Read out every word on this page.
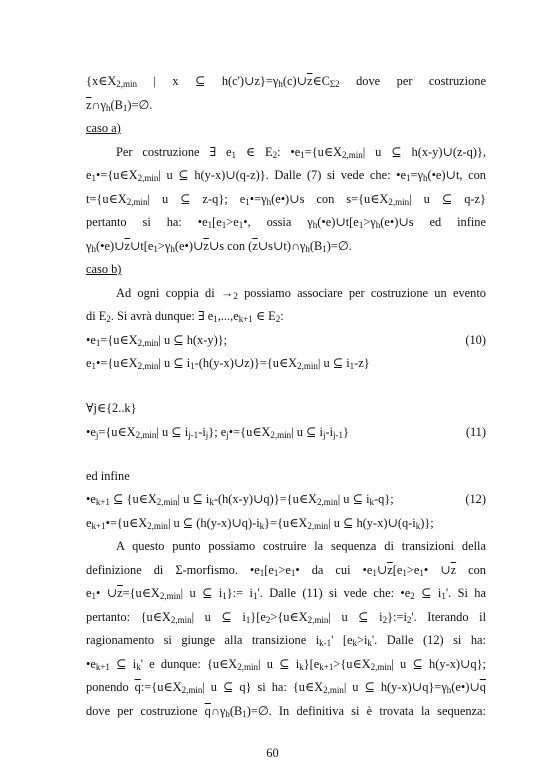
{x∈X2,min | x ⊆ $h(c')\cup z\}=\gamma h(c)\cup\overline{z}\in C\Sigma 2$ dove per costruzione
$\overline{z}\cap\gamma h(B1)=\emptyset$.
caso a)
Per costruzione ∃ e1 ∈ E2: •e1={u∈X2,min| u ⊆ h(x-y)∪(z-q)},
e1•={u∈X2,min| u ⊆ h(y-x)∪(q-z)}. Dalle (7) si vede che: •e1=γh(•e)∪t, con
t={u∈X2,min| u ⊆ z-q}; e1•=γh(e•)∪s con s={u∈X2,min| u ⊆ q-z}
pertanto si ha: •e1[e1>e1•, ossia γh(•e)∪t[e1>γh(e•)∪s ed infine
$\gamma h(•e)\cup\overline{z}\cup t[e1>\gamma h(e•)\cup\overline{z}\cup s$ con $(\overline{z}\cup s\cup t)\cap\gamma h(B1)=\emptyset$.
caso b)
Ad ogni coppia di →2 possiamo associare per costruzione un evento
di E2. Si avrà dunque: ∃ e1,...,ek+1 ∈ E2:
•e1={u∈X2,min| u ⊆ h(x-y)};	(10)
e1•={u∈X2,min| u ⊆ i1-(h(y-x)∪z)}={u∈X2,min| u ⊆ i1-z}
∀j∈{2..k}
•ej={u∈X2,min| u ⊆ ij-1-ij}; ej•={u∈X2,min| u ⊆ ij-ij-1}	(11)
ed infine
•ek+1 ⊆ {u∈X2,min| u ⊆ ik-(h(x-y)∪q)}={u∈X2,min| u ⊆ ik-q};	(12)
ek+1•={u∈X2,min| u ⊆ (h(y-x)∪q)-ik}={u∈X2,min| u ⊆ h(y-x)∪(q-ik)};
A questo punto possiamo costruire la sequenza di transizioni della
definizione di Σ-morfismo. •e1[e1>e1• da cui $•e1\cup\overline{z}[e1>e1•$ $\cup\overline{z}$ con
e1• $\cup\overline{z}=\{u\in X2,\min|$ u ⊆ i1}:= i1'. Dalle (11) si vede che: •e2 ⊆ i1'. Si ha
pertanto: {u∈X2,min| u ⊆ i1}[e2>{u∈X2,min| u ⊆ i2}:=i2'. Iterando il
ragionamento si giunge alla transizione ik-1' [ek>ik'. Dalle (12) si ha:
•ek+1 ⊆ ik' e dunque: {u∈X2,min| u ⊆ ik}[ek+1>{u∈X2,min| u ⊆ h(y-x)∪q};
ponendo $\overline{q}:=\{u\in X2,\min|$ u ⊆ q} si ha: {u∈X2,min| u ⊆ $h(y-x)\cup q\}=\gamma h(e•)\cup\overline{q}$
dove per costruzione $\overline{q}\cap\gamma h(B1)=\emptyset$. In definitiva si è trovata la sequenza:
60
